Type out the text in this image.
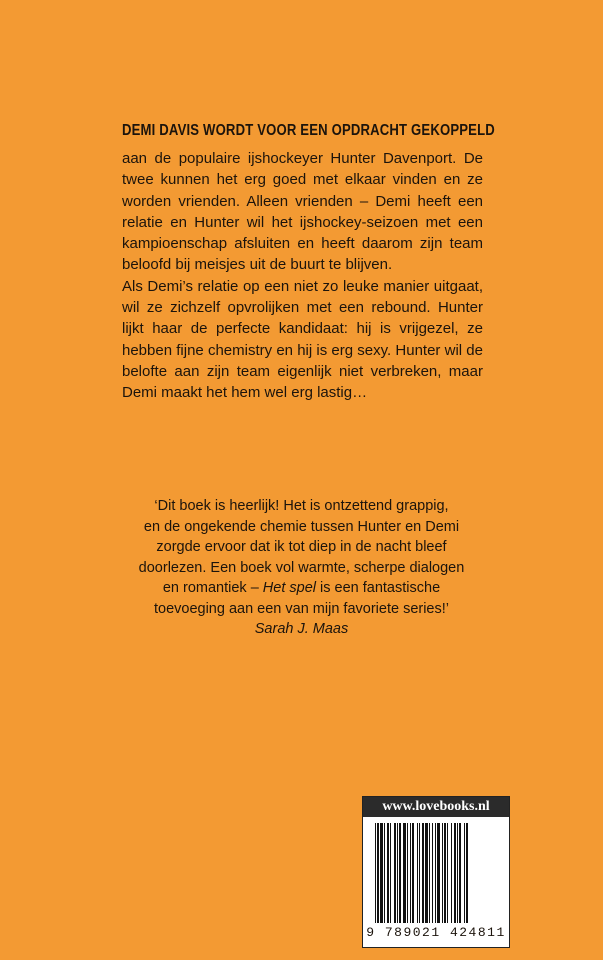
DEMI DAVIS WORDT VOOR EEN OPDRACHT GEKOPPELD

aan de populaire ijshockeyer Hunter Davenport. De twee kunnen het erg goed met elkaar vinden en ze worden vrienden. Alleen vrienden – Demi heeft een relatie en Hunter wil het ijshockey-seizoen met een kampioenschap afsluiten en heeft daarom zijn team beloofd bij meisjes uit de buurt te blijven.

Als Demi’s relatie op een niet zo leuke manier uitgaat, wil ze zichzelf opvrolijken met een rebound. Hunter lijkt haar de perfecte kandidaat: hij is vrijgezel, ze hebben fijne chemistry en hij is erg sexy. Hunter wil de belofte aan zijn team eigenlijk niet verbreken, maar Demi maakt het hem wel erg lastig…

‘Dit boek is heerlijk! Het is ontzettend grappig,
en de ongekende chemie tussen Hunter en Demi
zorgde ervoor dat ik tot diep in de nacht bleef
doorlezen. Een boek vol warmte, scherpe dialogen
en romantiek – Het spel is een fantastische
toevoeging aan een van mijn favoriete series!’
Sarah J. Maas
www.lovebooks.nl
9 789021 424811
